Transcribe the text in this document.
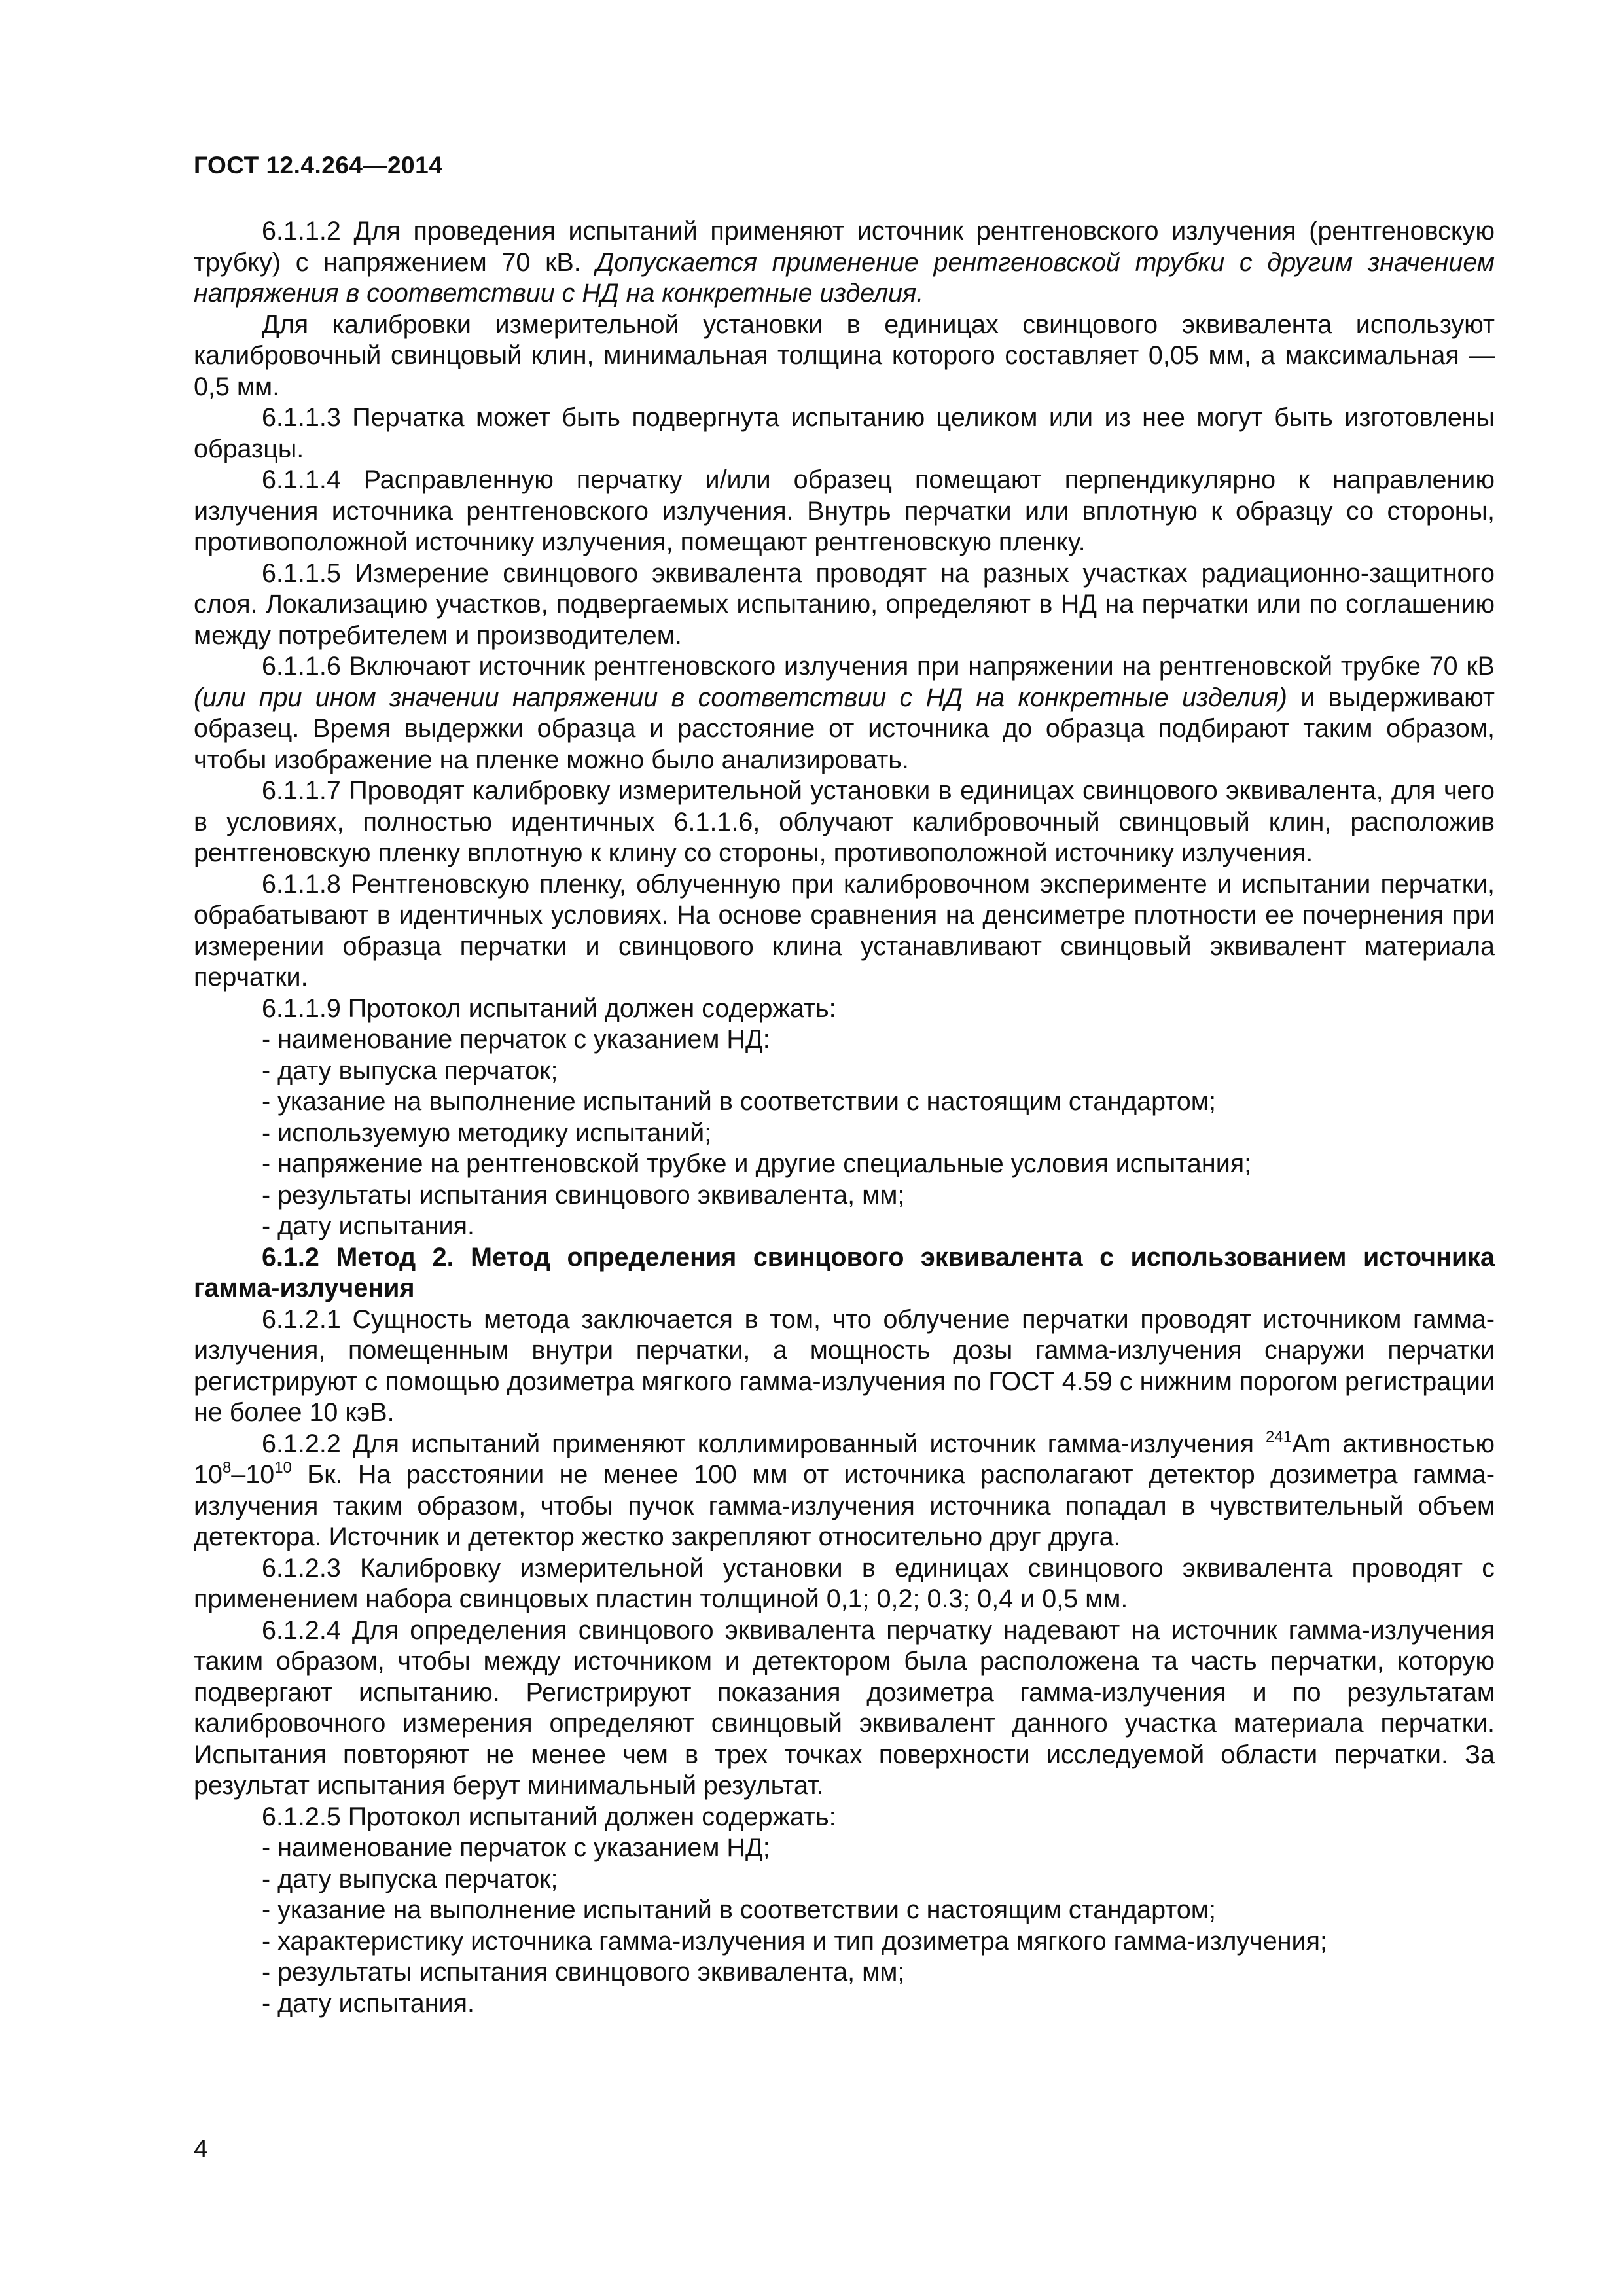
ГОСТ 12.4.264—2014

6.1.1.2 Для проведения испытаний применяют источник рентгеновского излучения (рентгеновскую трубку) с напряжением 70 кВ. Допускается применение рентгеновской трубки с другим значением напряжения в соответствии с НД на конкретные изделия.

Для калибровки измерительной установки в единицах свинцового эквивалента используют калибровочный свинцовый клин, минимальная толщина которого составляет 0,05 мм, а максимальная — 0,5 мм.

6.1.1.3 Перчатка может быть подвергнута испытанию целиком или из нее могут быть изготовлены образцы.

6.1.1.4 Расправленную перчатку и/или образец помещают перпендикулярно к направлению излучения источника рентгеновского излучения. Внутрь перчатки или вплотную к образцу со стороны, противоположной источнику излучения, помещают рентгеновскую пленку.

6.1.1.5 Измерение свинцового эквивалента проводят на разных участках радиационно-защитного слоя. Локализацию участков, подвергаемых испытанию, определяют в НД на перчатки или по соглашению между потребителем и производителем.

6.1.1.6 Включают источник рентгеновского излучения при напряжении на рентгеновской трубке 70 кВ (или при ином значении напряжении в соответствии с НД на конкретные изделия) и выдерживают образец. Время выдержки образца и расстояние от источника до образца подбирают таким образом, чтобы изображение на пленке можно было анализировать.

6.1.1.7 Проводят калибровку измерительной установки в единицах свинцового эквивалента, для чего в условиях, полностью идентичных 6.1.1.6, облучают калибровочный свинцовый клин, расположив рентгеновскую пленку вплотную к клину со стороны, противоположной источнику излучения.

6.1.1.8 Рентгеновскую пленку, облученную при калибровочном эксперименте и испытании перчатки, обрабатывают в идентичных условиях. На основе сравнения на денсиметре плотности ее почернения при измерении образца перчатки и свинцового клина устанавливают свинцовый эквивалент материала перчатки.

6.1.1.9 Протокол испытаний должен содержать:

- наименование перчаток с указанием НД:

- дату выпуска перчаток;

- указание на выполнение испытаний в соответствии с настоящим стандартом;

- используемую методику испытаний;

- напряжение на рентгеновской трубке и другие специальные условия испытания;

- результаты испытания свинцового эквивалента, мм;

- дату испытания.

6.1.2 Метод 2. Метод определения свинцового эквивалента с использованием источника гамма-излучения

6.1.2.1 Сущность метода заключается в том, что облучение перчатки проводят источником гамма-излучения, помещенным внутри перчатки, а мощность дозы гамма-излучения снаружи перчатки регистрируют с помощью дозиметра мягкого гамма-излучения по ГОСТ 4.59 с нижним порогом регистрации не более 10 кэВ.

6.1.2.2 Для испытаний применяют коллимированный источник гамма-излучения $^{241}$Am активностью $10^8-10^{10}$ Бк. На расстоянии не менее 100 мм от источника располагают детектор дозиметра гамма-излучения таким образом, чтобы пучок гамма-излучения источника попадал в чувствительный объем детектора. Источник и детектор жестко закрепляют относительно друг друга.

6.1.2.3 Калибровку измерительной установки в единицах свинцового эквивалента проводят с применением набора свинцовых пластин толщиной 0,1; 0,2; 0.3; 0,4 и 0,5 мм.

6.1.2.4 Для определения свинцового эквивалента перчатку надевают на источник гамма-излучения таким образом, чтобы между источником и детектором была расположена та часть перчатки, которую подвергают испытанию. Регистрируют показания дозиметра гамма-излучения и по результатам калибровочного измерения определяют свинцовый эквивалент данного участка материала перчатки. Испытания повторяют не менее чем в трех точках поверхности исследуемой области перчатки. За результат испытания берут минимальный результат.

6.1.2.5 Протокол испытаний должен содержать:

- наименование перчаток с указанием НД;

- дату выпуска перчаток;

- указание на выполнение испытаний в соответствии с настоящим стандартом;

- характеристику источника гамма-излучения и тип дозиметра мягкого гамма-излучения;

- результаты испытания свинцового эквивалента, мм;

- дату испытания.

4
